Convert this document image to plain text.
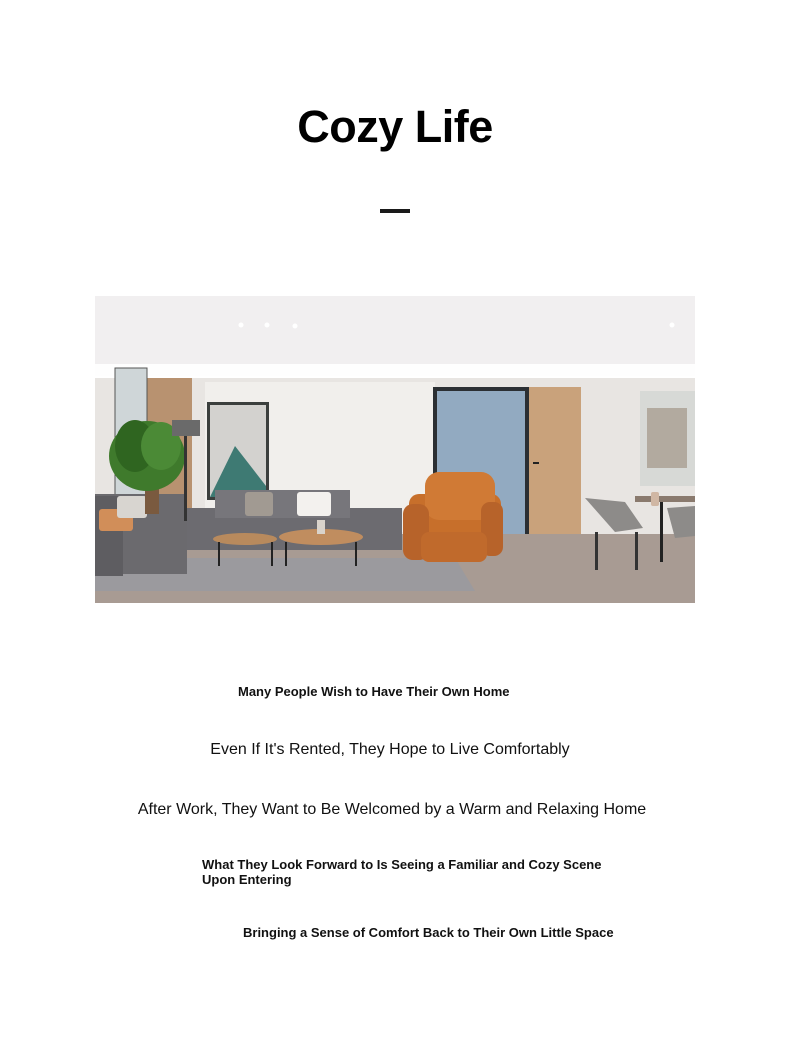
Cozy Life
Many People Wish to Have Their Own Home
Even If It's Rented, They Hope to Live Comfortably
After Work, They Want to Be Welcomed by a Warm and Relaxing Home
What They Look Forward to Is Seeing a Familiar and Cozy Scene Upon Entering
Bringing a Sense of Comfort Back to Their Own Little Space
